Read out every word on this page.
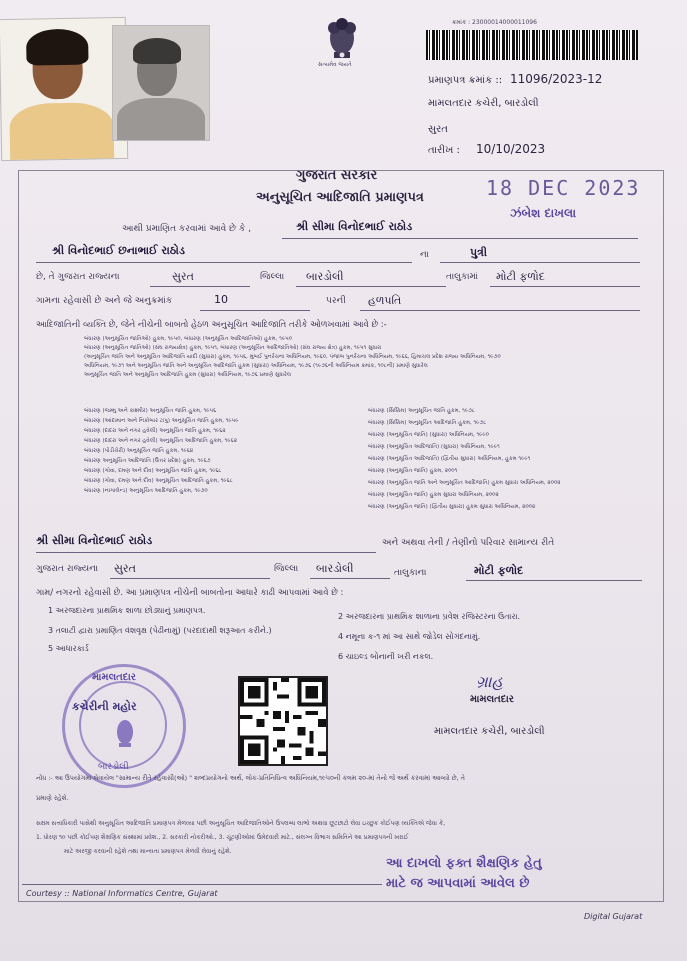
સત્યમેવ જયતે
ક્રમાંક : 23000014000011096
પ્રમાણપત્ર ક્રમાંક :: 11096/2023-12
મામલતદાર કચેરી, બારડોલી
સુરત
તારીખ : 10/10/2023
ગુજરાત સરકાર
અનુસૂચિત આદિજાતિ પ્રમાણપત્ર	18 DEC 2023
ઝંબેશ દાખલા
આથી પ્રમાણિત કરવામાં આવે છે કે ,	શ્રી સીમા વિનોદભાઈ રાઠોડ
શ્રી વિનોદભાઈ છનાભાઈ રાઠોડ	ના	પુત્રી
છે, તે ગુજરાત રાજ્યના	સુરત	જિલ્લા બારડોલી	તાલુકામાં મોટી ફળોદ
ગામના રહેવાસી છે અને જે અનુક્રમાંક	10	પરની હળપતિ
આદિજાતિની વ્યક્તિ છે, જેને નીચેની બાબતો હેઠળ અનુસૂચિત આદિજાતિ તરીકે ઓળખવામાં આવે છે :-
બંધારણ (અનુસૂચિત જાતિઓ) હુકમ, ૧૯૫૦, બંધારણ (અનુસૂચિત આદિજાતિઓ) હુકમ, ૧૯૫૦
બંધારણ (અનુસૂચિત જાતિઓ) (સંઘ રાજ્યક્ષેત્ર) હુકમ, ૧૯૫૧, બંધારણ (અનુસૂચિત આદિજાતિઓ) (સંઘ રાજ્ય ક્ષેત્ર) હુકમ, ૧૯૫૧ સુધારા
(અનુસૂચિત જાતિ અને અનુસૂચિત આદિજાતિ યાદી (સુધારા) હુકમ, ૧૯૫૬, મુંબઈ પુનર્રચના અધિનિયમ, ૧૯૬૦, પંજાબ પુનર્રચના અધિનિયમ, ૧૯૬૬, હિમાચલ પ્રદેશ રાજ્ય અધિનિયમ, ૧૯૭૦
અધિનિયમ, ૧૯૭૧ અને અનુસૂચિત જાતિ અને અનુસૂચિત આદિજાતિ હુકમ (સુધારા) અધિનિયમ, ૧૯૭૬ (૧૯૭૬ની અધિનિયમ ક્રમાંક, ૧૦૮ની) પ્રમાણે સુધારેલ
અનુસૂચિત જાતિ અને અનુસૂચિત આદિજાતિ હુકમ (સુધારા) અધિનિયમ, ૧૯૭૬ પ્રમાણે સુધારેલ
બંધારણ (જમ્મુ અને કાશ્મીર) અનુસૂચિત જાતિ હુકમ, ૧૯૫૬
બંધારણ (આંદામાન અને નિકોબાર ટાપુ) અનુસૂચિત જાતિ હુકમ, ૧૯૫૯
બંધારણ (દાદરા અને નગર હવેલી) અનુસૂચિત જાતિ હુકમ, ૧૯૬૨
બંધારણ (દાદરા અને નગર હવેલી) અનુસૂચિત આદિજાતિ હુકમ, ૧૯૬૨
બંધારણ (પોંડીચેરી) અનુસૂચિત જાતિ હુકમ, ૧૯૬૪
બંધારણ અનુસૂચિત આદિજાતિ (ઉત્તર પ્રદેશ) હુકમ, ૧૯૬૭
બંધારણ (ગોવા, દમણ અને દીવ) અનુસૂચિત જાતિ હુકમ, ૧૯૬૮
બંધારણ (ગોવા, દમણ અને દીવ) અનુસૂચિત આદિજાતિ હુકમ, ૧૯૬૮
બંધારણ (નાગાલેન્ડ) અનુસૂચિત આદિજાતિ હુકમ, ૧૯૭૦
બંધારણ (સિક્કિમ) અનુસૂચિત જાતિ હુકમ, ૧૯૭૮
બંધારણ (સિક્કિમ) અનુસૂચિત આદિજાતિ હુકમ, ૧૯૭૮
બંધારણ (અનુસૂચિત જાતિ) (સુધારા) અધિનિયમ, ૧૯૯૦
બંધારણ (અનુસૂચિત આદિજાતિ) (સુધારા) અધિનિયમ, ૧૯૯૧
બંધારણ (અનુસૂચિત આદિજાતિ) (દ્વિતીય સુધારા) અધિનિયમ, હુકમ ૧૯૯૧
બંધારણ (અનુસૂચિત જાતિ) હુકમ, ૨૦૦૧
બંધારણ (અનુસૂચિત જાતિ અને અનુસૂચિત આદિજાતિ) હુકમ સુધારા અધિનિયમ, ૨૦૦૨
બંધારણ (અનુસૂચિત જાતિ) હુકમ સુધારા અધિનિયમ, ૨૦૦૨
બંધારણ (અનુસૂચિત જાતિ) (દ્વિતીય સુધારા) હુકમ સુધારા અધિનિયમ, ૨૦૦૨
શ્રી સીમા વિનોદભાઈ રાઠોડ	અને અથવા તેની / તેણીનો પરિવાર સામાન્ય રીતે
ગુજરાત રાજ્યના સુરત	જિલ્લા બારડોલી	તાલુકાના	મોટી ફળોદ
ગામ/ નગરનો રહેવાસી છે. આ પ્રમાણપત્ર નીચેની બાબતોના આધારે કાઢી આપવામાં આવે છે :
1 અરજદારના પ્રાથમિક શાળા છોડ્યાનું પ્રમાણપત્ર.
2 અરજદારના પ્રાથમિક શાળાના પ્રવેશ રજિસ્ટરના ઉતારા.
3 તલાટી દ્વારા પ્રમાણિત વંશવૃક્ષ (પેઢીનામું) (પરદાદાથી શરૂઆત કરીને.)
4 નમૂના ક-૧ માં આ સાથે જોડેલ સોગંદનામું.
5 આધારકાર્ડ
6 ચાઇલ્ડ બોનાની ખરી નકલ.
મામલતદાર
કચેરીની મહોર
બારડોલી
ગ્રાહ
મામલતદાર
મામલતદાર કચેરી, બારડોલી
નોંધ :- આ ઉપયોગમાં લેવાયેલ "સામાન્ય રીતે રહેવાસી(ઓ) " શબ્દપ્રયોગનો અર્થ, લોક-પ્રતિનિધિત્વ અધિનિયમ,૧૯૫૦ની કલમ ૨૦-માં તેનો જે અર્થ કરવામાં આવ્યો છે, તે
પ્રમાણે રહેશે.
સક્ષમ સત્તાધિકારી પાસેથી અનુસૂચિત આદિજાતિ પ્રમાણપત્ર મેળવ્યા પછી અનુસૂચિત આદિજાતિઓને ઉપલબ્ધ લાભો અથવા છૂટછાટો લેવા ઇચ્છુક કોઈપણ વ્યક્તિએ જેવા કે,
1. ધોરણ ૧૦ પછી કોઈપણ શૈક્ષણિક સંસ્થામાં પ્રવેશ., 2. સરકારી નોકરીઓ., 3. ચૂંટણીઓમાં ઉમેદવારી માટે., સંલગ્ન વિભાગ સમિતિને આ પ્રમાણપત્રની ખરાઈ
માટે અરજી કરવાની રહેશે તથા માન્યતા પ્રમાણપત્ર મેળવી લેવાનું રહેશે.
આ દાખલો ફક્ત શૈક્ષણિક હેતુ
માટે જ આપવામાં આવેલ છે
Courtesy :: National Informatics Centre, Gujarat
Digital Gujarat
